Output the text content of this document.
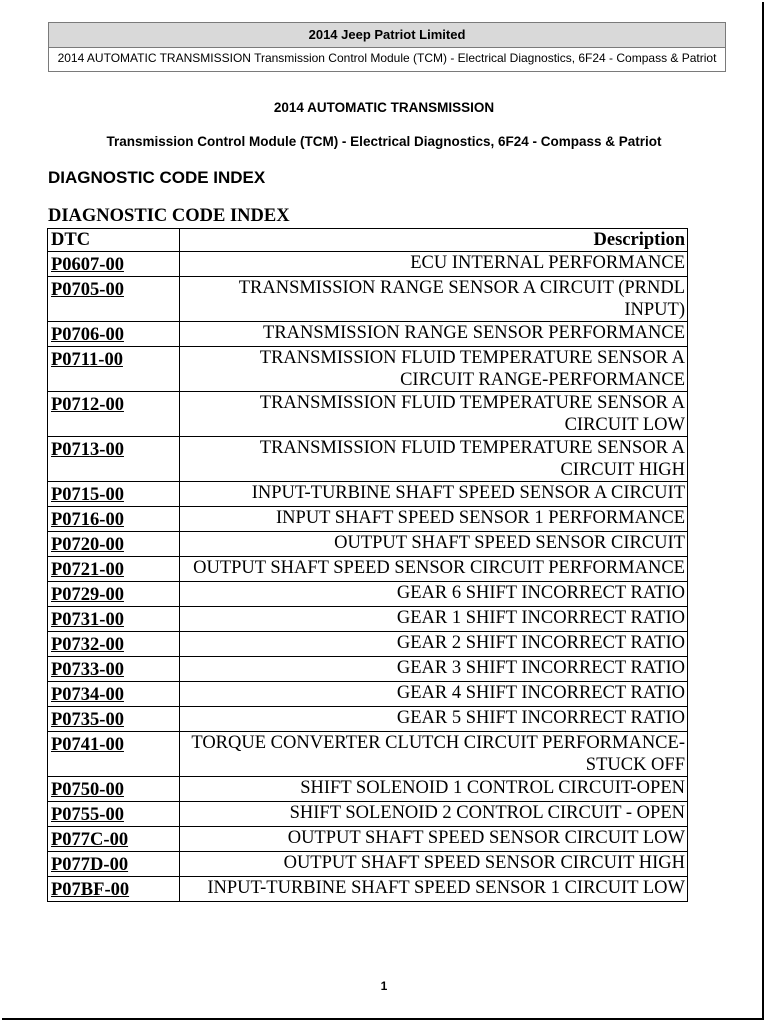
2014 Jeep Patriot Limited
2014 AUTOMATIC TRANSMISSION Transmission Control Module (TCM) - Electrical Diagnostics, 6F24 - Compass & Patriot
2014 AUTOMATIC TRANSMISSION
Transmission Control Module (TCM) - Electrical Diagnostics, 6F24 - Compass & Patriot
DIAGNOSTIC CODE INDEX
DIAGNOSTIC CODE INDEX
DTC	Description
P0607-00	ECU INTERNAL PERFORMANCE
P0705-00	TRANSMISSION RANGE SENSOR A CIRCUIT (PRNDL INPUT)
P0706-00	TRANSMISSION RANGE SENSOR PERFORMANCE
P0711-00	TRANSMISSION FLUID TEMPERATURE SENSOR A CIRCUIT RANGE-PERFORMANCE
P0712-00	TRANSMISSION FLUID TEMPERATURE SENSOR A CIRCUIT LOW
P0713-00	TRANSMISSION FLUID TEMPERATURE SENSOR A CIRCUIT HIGH
P0715-00	INPUT-TURBINE SHAFT SPEED SENSOR A CIRCUIT
P0716-00	INPUT SHAFT SPEED SENSOR 1 PERFORMANCE
P0720-00	OUTPUT SHAFT SPEED SENSOR CIRCUIT
P0721-00	OUTPUT SHAFT SPEED SENSOR CIRCUIT PERFORMANCE
P0729-00	GEAR 6 SHIFT INCORRECT RATIO
P0731-00	GEAR 1 SHIFT INCORRECT RATIO
P0732-00	GEAR 2 SHIFT INCORRECT RATIO
P0733-00	GEAR 3 SHIFT INCORRECT RATIO
P0734-00	GEAR 4 SHIFT INCORRECT RATIO
P0735-00	GEAR 5 SHIFT INCORRECT RATIO
P0741-00	TORQUE CONVERTER CLUTCH CIRCUIT PERFORMANCE-STUCK OFF
P0750-00	SHIFT SOLENOID 1 CONTROL CIRCUIT-OPEN
P0755-00	SHIFT SOLENOID 2 CONTROL CIRCUIT - OPEN
P077C-00	OUTPUT SHAFT SPEED SENSOR CIRCUIT LOW
P077D-00	OUTPUT SHAFT SPEED SENSOR CIRCUIT HIGH
P07BF-00	INPUT-TURBINE SHAFT SPEED SENSOR 1 CIRCUIT LOW
1
